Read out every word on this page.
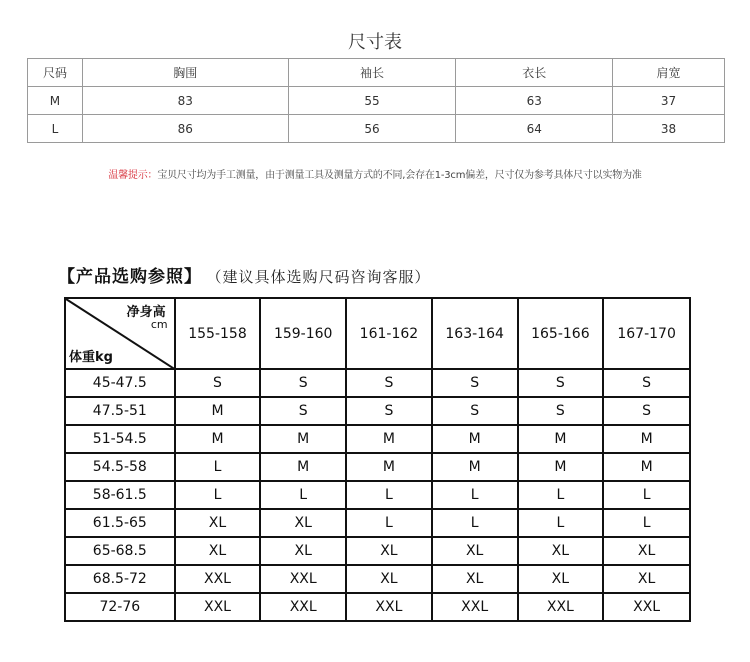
尺寸表
尺码	胸围	袖长	衣长	肩宽
M	83	55	63	37
L	86	56	64	38
温馨提示：宝贝尺寸均为手工测量，由于测量工具及测量方式的不同,会存在1-3cm偏差，尺寸仅为参考具体尺寸以实物为准
【产品选购参照】 （建议具体选购尺码咨询客服）
净身高
cm
体重kg	155-158	159-160	161-162	163-164	165-166	167-170
45-47.5	S	S	S	S	S	S
47.5-51	M	S	S	S	S	S
51-54.5	M	M	M	M	M	M
54.5-58	L	M	M	M	M	M
58-61.5	L	L	L	L	L	L
61.5-65	XL	XL	L	L	L	L
65-68.5	XL	XL	XL	XL	XL	XL
68.5-72	XXL	XXL	XL	XL	XL	XL
72-76	XXL	XXL	XXL	XXL	XXL	XXL
